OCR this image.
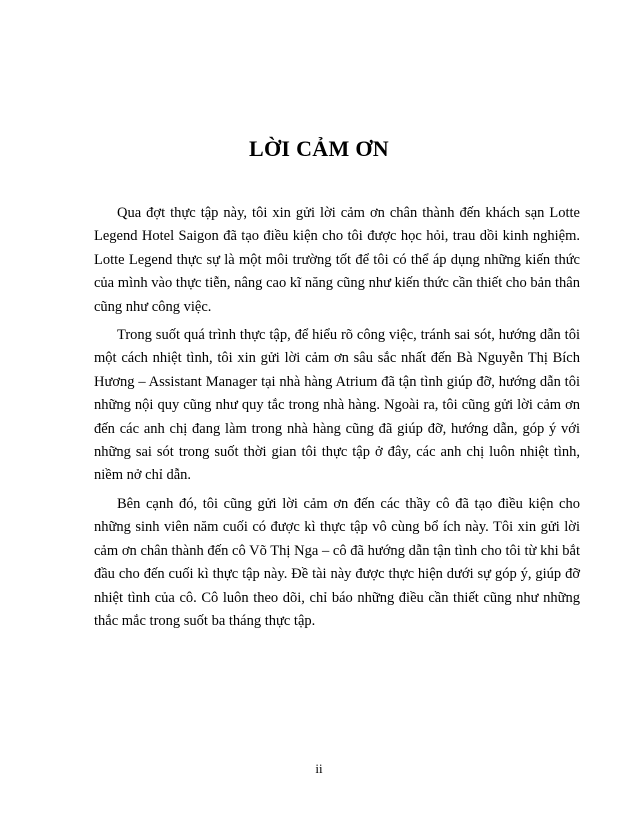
LỜI CẢM ƠN

Qua đợt thực tập này, tôi xin gửi lời cảm ơn chân thành đến khách sạn Lotte Legend Hotel Saigon đã tạo điều kiện cho tôi được học hỏi, trau dồi kinh nghiệm. Lotte Legend thực sự là một môi trường tốt để tôi có thể áp dụng những kiến thức của mình vào thực tiễn, nâng cao kĩ năng cũng như kiến thức cần thiết cho bản thân cũng như công việc.

Trong suốt quá trình thực tập, để hiểu rõ công việc, tránh sai sót, hướng dẫn tôi một cách nhiệt tình, tôi xin gửi lời cảm ơn sâu sắc nhất đến Bà Nguyễn Thị Bích Hương – Assistant Manager tại nhà hàng Atrium đã tận tình giúp đỡ, hướng dẫn tôi những nội quy cũng như quy tắc trong nhà hàng. Ngoài ra, tôi cũng gửi lời cảm ơn đến các anh chị đang làm trong nhà hàng cũng đã giúp đỡ, hướng dẫn, góp ý với những sai sót trong suốt thời gian tôi thực tập ở đây, các anh chị luôn nhiệt tình, niềm nở chỉ dẫn.

Bên cạnh đó, tôi cũng gửi lời cảm ơn đến các thầy cô đã tạo điều kiện cho những sinh viên năm cuối có được kì thực tập vô cùng bổ ích này. Tôi xin gửi lời cảm ơn chân thành đến cô Võ Thị Nga – cô đã hướng dẫn tận tình cho tôi từ khi bắt đầu cho đến cuối kì thực tập này. Đề tài này được thực hiện dưới sự góp ý, giúp đỡ nhiệt tình của cô. Cô luôn theo dõi, chỉ báo những điều cần thiết cũng như những thắc mắc trong suốt ba tháng thực tập.

ii
